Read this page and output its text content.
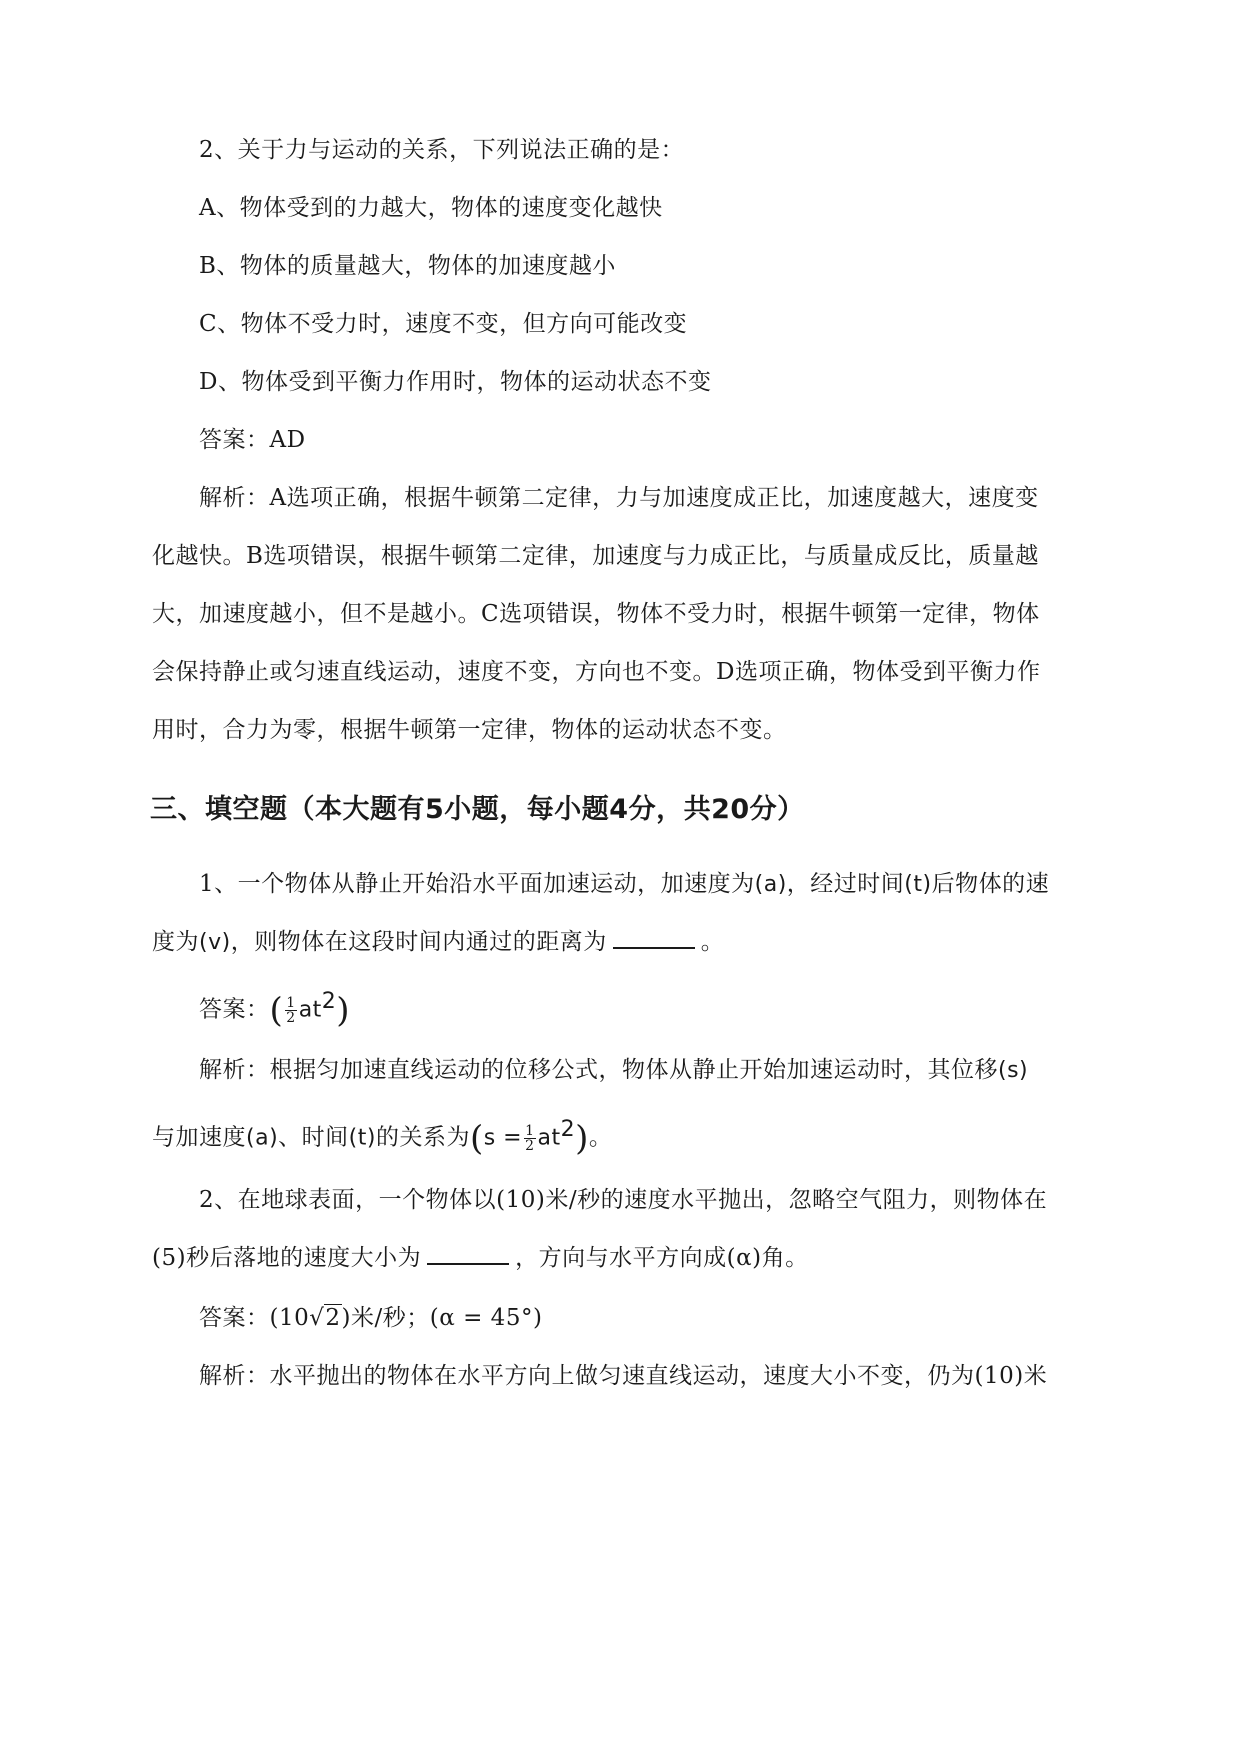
2、关于力与运动的关系，下列说法正确的是：
A、物体受到的力越大，物体的速度变化越快
B、物体的质量越大，物体的加速度越小
C、物体不受力时，速度不变，但方向可能改变
D、物体受到平衡力作用时，物体的运动状态不变
答案：AD
解析：A选项正确，根据牛顿第二定律，力与加速度成正比，加速度越大，速度变
化越快。B选项错误，根据牛顿第二定律，加速度与力成正比，与质量成反比，质量越
大，加速度越小，但不是越小。C选项错误，物体不受力时，根据牛顿第一定律，物体
会保持静止或匀速直线运动，速度不变，方向也不变。D选项正确，物体受到平衡力作
用时，合力为零，根据牛顿第一定律，物体的运动状态不变。
三、填空题（本大题有5小题，每小题4分，共20分）
1、一个物体从静止开始沿水平面加速运动，加速度为(a)，经过时间(t)后物体的速
度为(v)，则物体在这段时间内通过的距离为	。
答案：( $\frac{1}{2} at^2$)
解析：根据匀加速直线运动的位移公式，物体从静止开始加速运动时，其位移(s)
与加速度(a)、时间(t)的关系为$(s = \frac{1}{2} at^2)$。
2、在地球表面，一个物体以(10)米/秒的速度水平抛出，忽略空气阻力，则物体在
(5)秒后落地的速度大小为	，方向与水平方向成(α)角。
答案：(10√2)米/秒；(α = 45°)
解析：水平抛出的物体在水平方向上做匀速直线运动，速度大小不变，仍为(10)米
